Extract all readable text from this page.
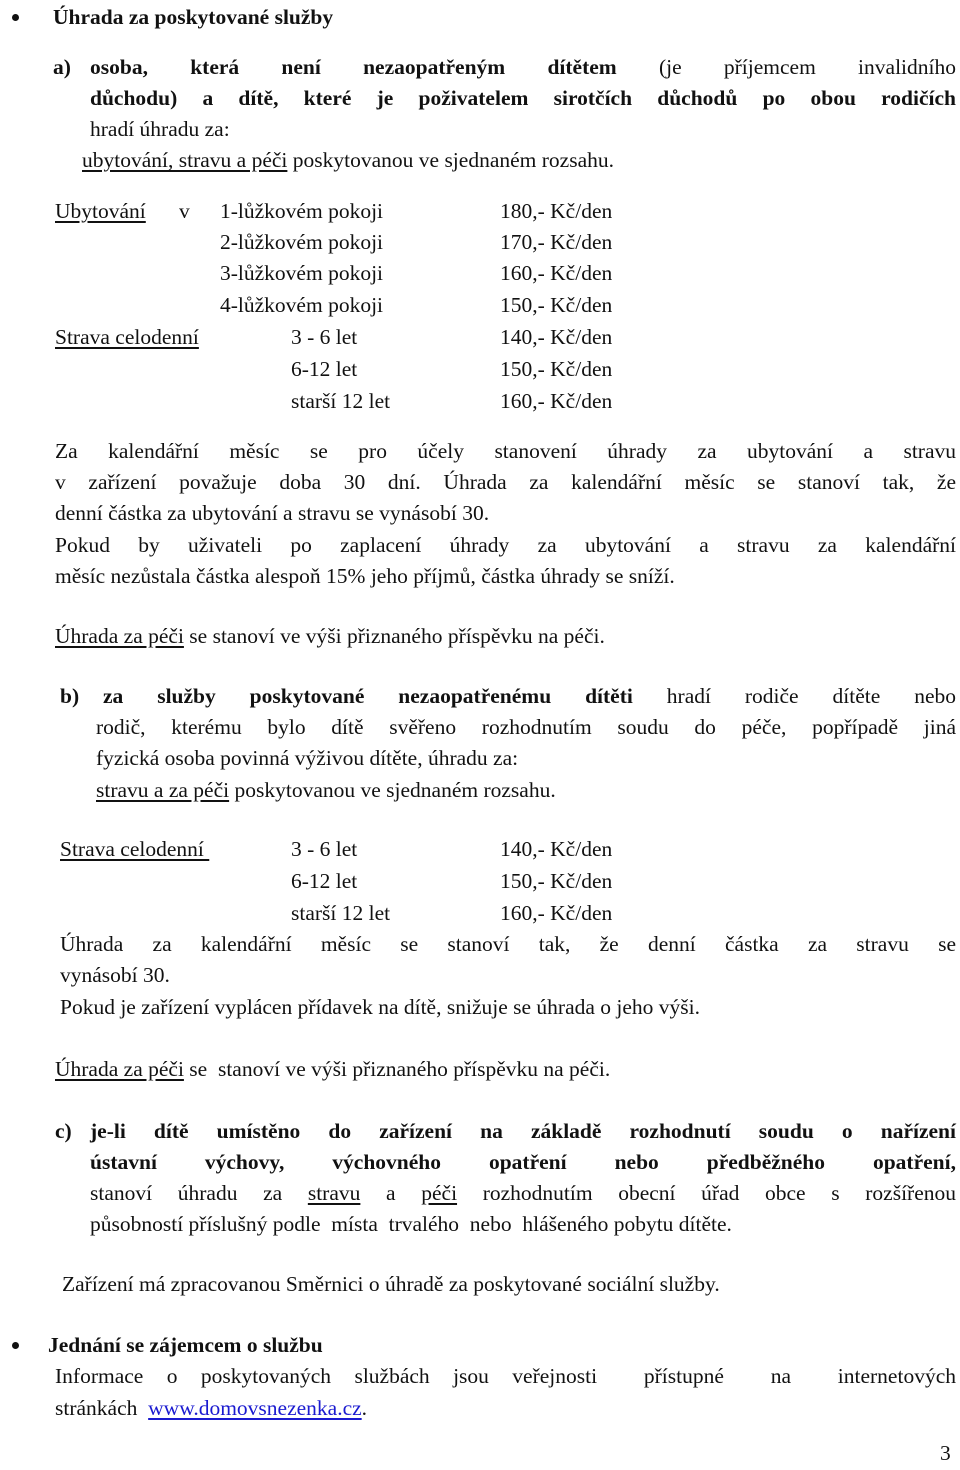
Úhrada za poskytované služby
a) osoba, která není nezaopatřeným dítětem (je příjemcem invalidního
důchodu) a dítě, které je poživatelem sirotčích důchodů po obou rodičích
hradí úhradu za:
ubytování, stravu a péči poskytovanou ve sjednaném rozsahu.
Ubytování v 1-lůžkovém pokoji	180,- Kč/den
2-lůžkovém pokoji	170,- Kč/den
3-lůžkovém pokoji	160,- Kč/den
4-lůžkovém pokoji	150,- Kč/den
Strava celodenní	3 - 6 let	140,- Kč/den
6-12 let	150,- Kč/den
starší 12 let	160,- Kč/den
Za kalendářní měsíc se pro účely stanovení úhrady za ubytování a stravu
v zařízení považuje doba 30 dní. Úhrada za kalendářní měsíc se stanoví tak, že
denní částka za ubytování a stravu se vynásobí 30.
Pokud by uživateli po zaplacení úhrady za ubytování a stravu za kalendářní
měsíc nezůstala částka alespoň 15% jeho příjmů, částka úhrady se sníží.
Úhrada za péči se stanoví ve výši přiznaného příspěvku na péči.
b) za služby poskytované nezaopatřenému dítěti hradí rodiče dítěte nebo
rodič, kterému bylo dítě svěřeno rozhodnutím soudu do péče, popřípadě jiná
fyzická osoba povinná výživou dítěte, úhradu za:
stravu a za péči poskytovanou ve sjednaném rozsahu.
Strava celodenní	3 - 6 let	140,- Kč/den
6-12 let	150,- Kč/den
starší 12 let	160,- Kč/den
Úhrada za kalendářní měsíc se stanoví tak, že denní částka za stravu se
vynásobí 30.
Pokud je zařízení vyplácen přídavek na dítě, snižuje se úhrada o jeho výši.
Úhrada za péči se  stanoví ve výši přiznaného příspěvku na péči.
c) je-li dítě umístěno do zařízení na základě rozhodnutí soudu o nařízení
ústavní výchovy, výchovného opatření nebo předběžného opatření,
stanoví úhradu za stravu a péči rozhodnutím obecní úřad obce s rozšířenou
působností příslušný podle  místa  trvalého  nebo  hlášeného pobytu dítěte.
Zařízení má zpracovanou Směrnici o úhradě za poskytované sociální služby.
Jednání se zájemcem o službu
Informace o poskytovaných službách jsou veřejnosti  přístupné  na  internetových
stránkách  www.domovsnezenka.cz.
3
